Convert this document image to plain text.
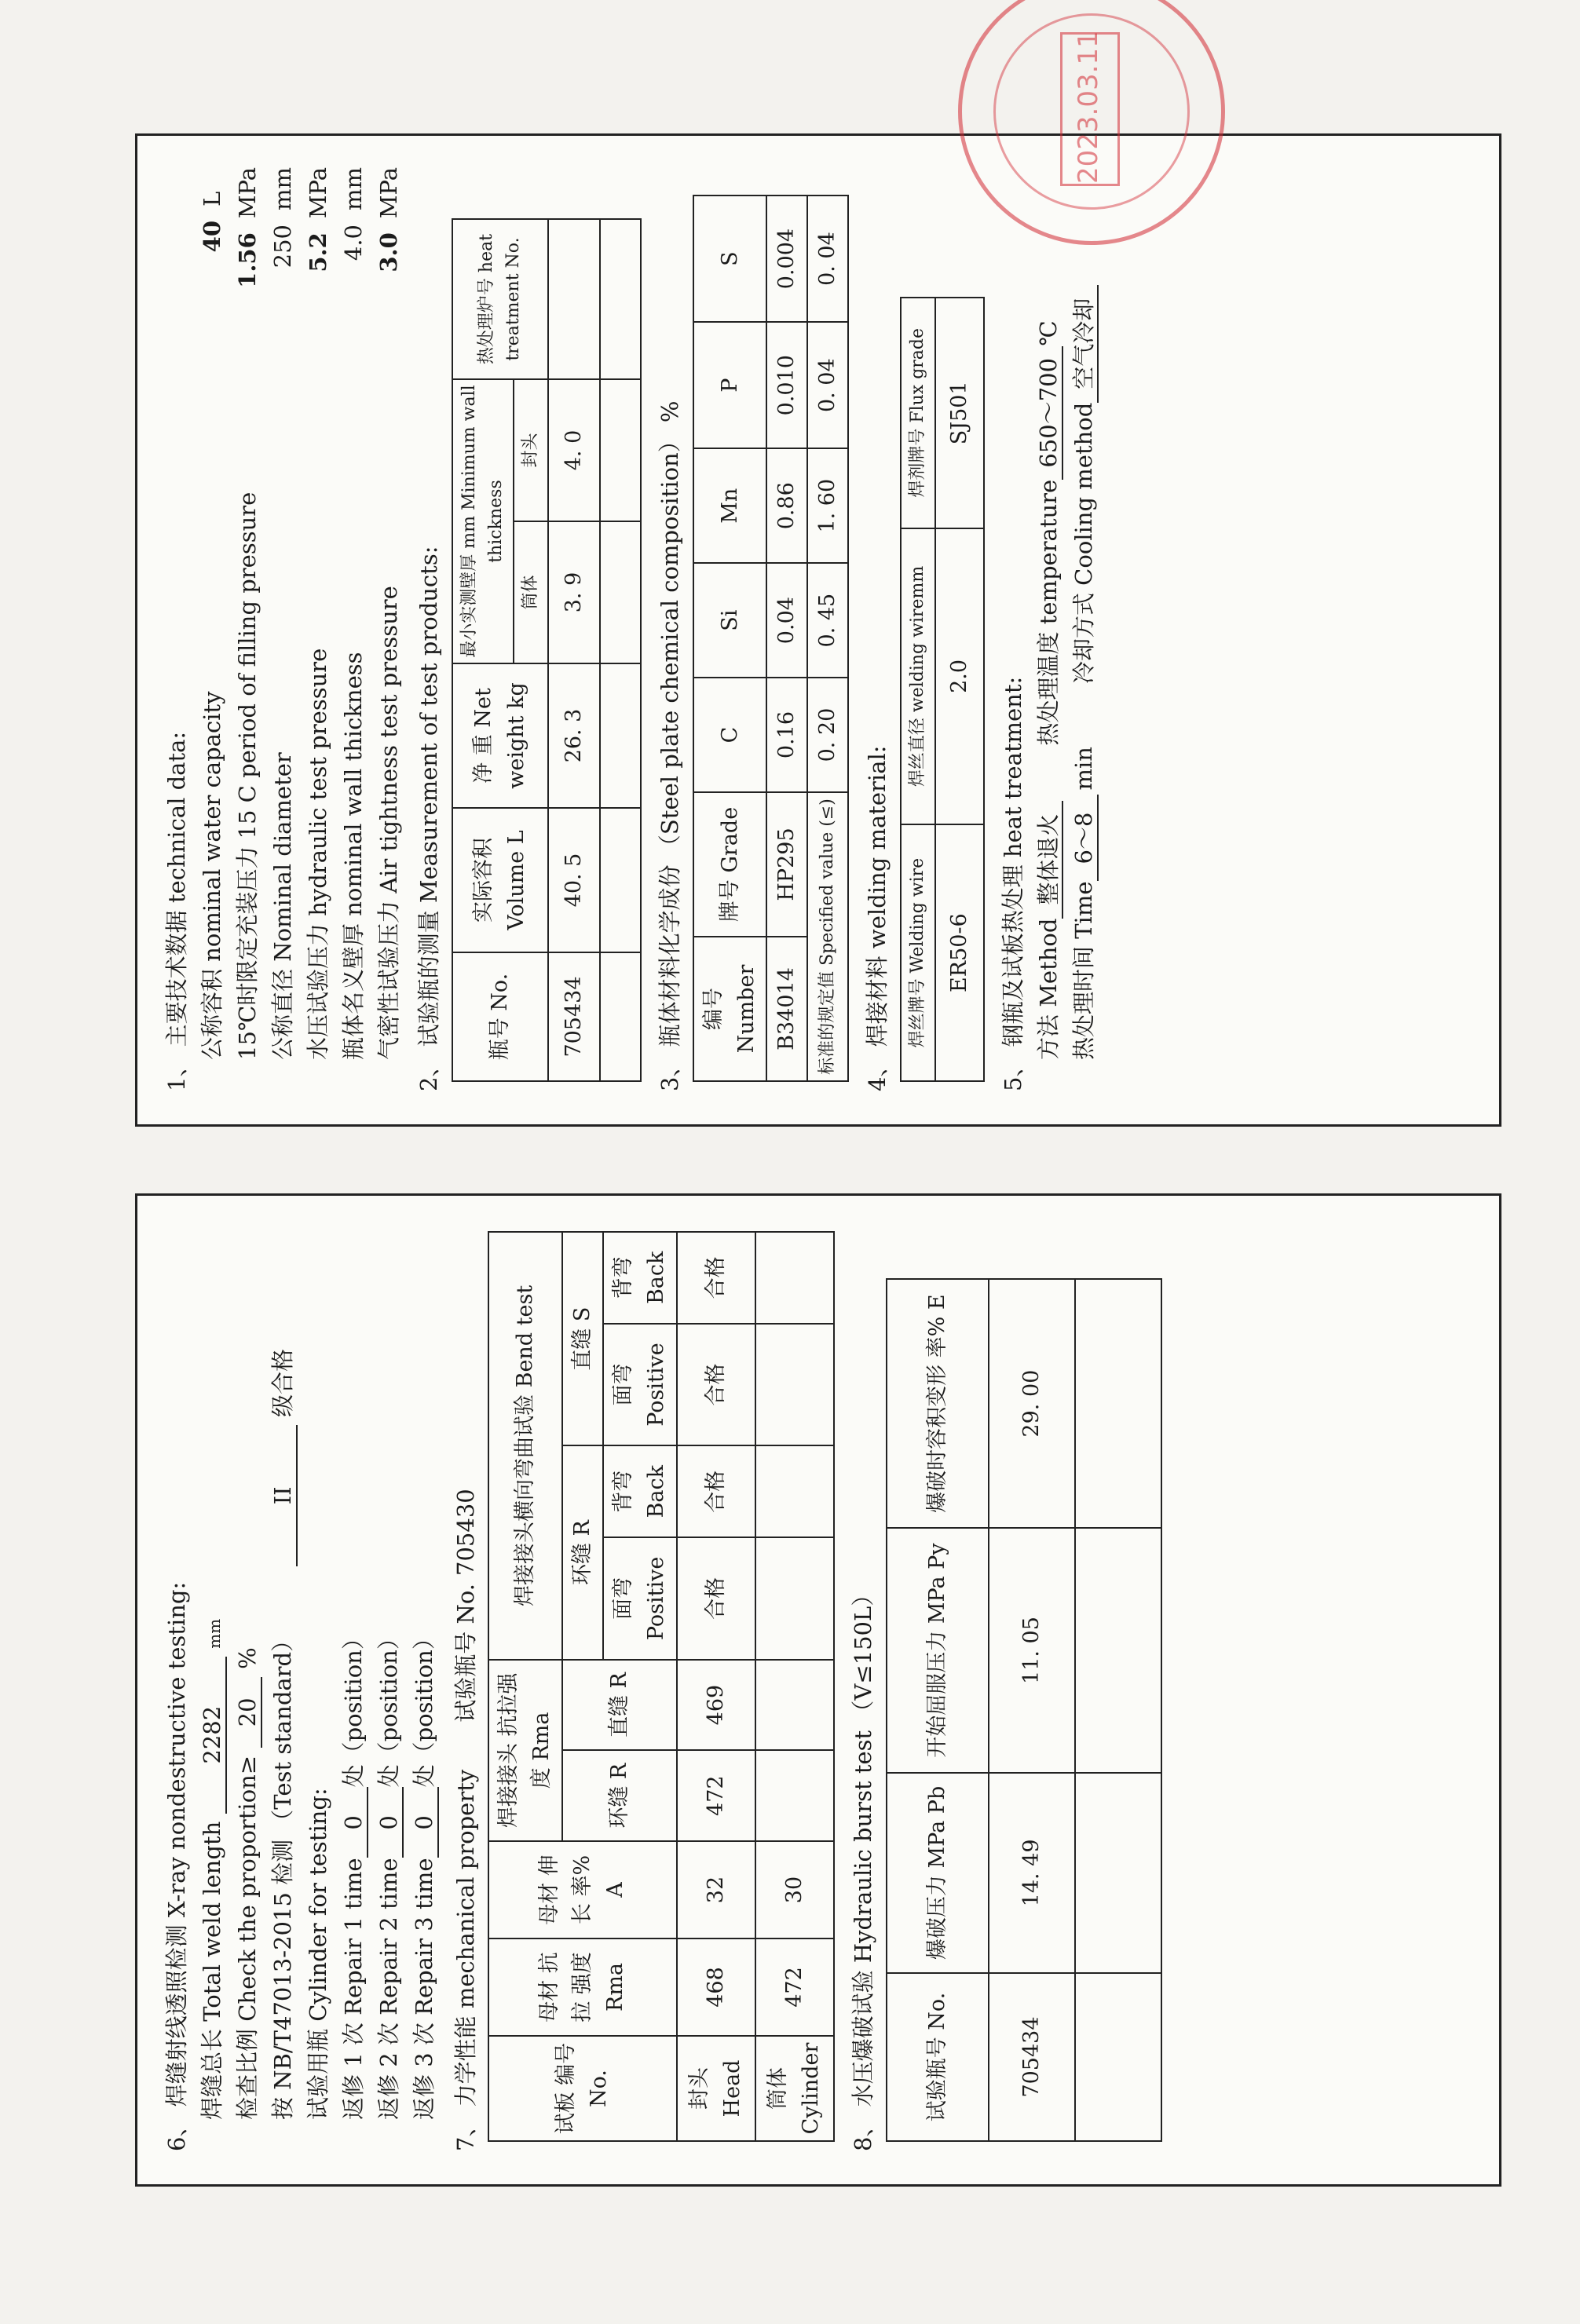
1、 主要技术数据 technical data: 公称容积 nominal water capacity
40
L
15℃时限定充装压力 15 C period of filling pressure
1.56
MPa
公称直径 Nominal diameter
250
mm
水压试验压力 hydraulic test pressure
5.2
MPa
瓶体名义壁厚 nominal wall thickness
4.0
mm
气密性试验压力 Air tightness test pressure
3.0
MPa

2、 试验瓶的测量 Measurement of test products: 瓶号 No.	实际容积 Volume L	净 重 Net weight kg	最小实测壁厚 mm Minimum wall thickness		热处理炉号 heat treatment No.
			筒体	封头	
705434	40. 5	26. 3	3. 9	4. 0	
						3、 瓶体材料化学成份 （Steel plate chemical composition） % 编号 Number	牌号 Grade	C	Si	Mn	P	S
B34014	HP295	0.16	0.04	0.86	0.010	0.004
标准的规定值 Specified value (≤)		0. 20	0. 45	1. 60	0. 04	0. 04

4、 焊接材料 welding material: 焊丝牌号 Welding wire	焊丝直径 welding wiremm	焊剂牌号 Flux grade
ER50-6	2.0	SJ501

5、 钢瓶及试板热处理 heat treatment: 方法 Method
整体退火
热处理温度 temperature
650～700
℃
热处理时间 Time
6～8
min
冷却方式 Cooling method
空气冷却
2023.03.11

6、 焊缝射线透照检测 X-ray nondestructive testing: 焊缝总长 Total weld length
2282
mm
检查比例 Check the proportion≥
20
% 按 NB/T47013-2015 检测 （Test standard）
II
级合格
试验用瓶 Cylinder for testing: 返修 1 次 Repair 1 time
0
处（position）
返修 2 次 Repair 2 time
0
处（position）
返修 3 次 Repair 3 time
0
处（position）
7、 力学性能 mechanical property
试验瓶号 No.
705430
试板 编号 No.	母材 抗拉 强度 Rma	母材 伸长 率% A	焊接接头 抗拉强度 Rma		焊接接头横向弯曲试验 Bend test			
			环缝 R	直缝 R	环缝 R		直缝 S	
					面弯 Positive	背弯 Back	面弯 Positive	背弯 Back
封头 Head	468	32	472	469	合格	合格	合格	合格
筒体 Cylinder	472	30						8、 水压爆破试验 Hydraulic burst test （V≤150L） 试验瓶号 No.	爆破压力 MPa Pb	开始屈服压力 MPa Py	爆破时容积变形 率% E
705434	14. 49	11. 05	29. 00
